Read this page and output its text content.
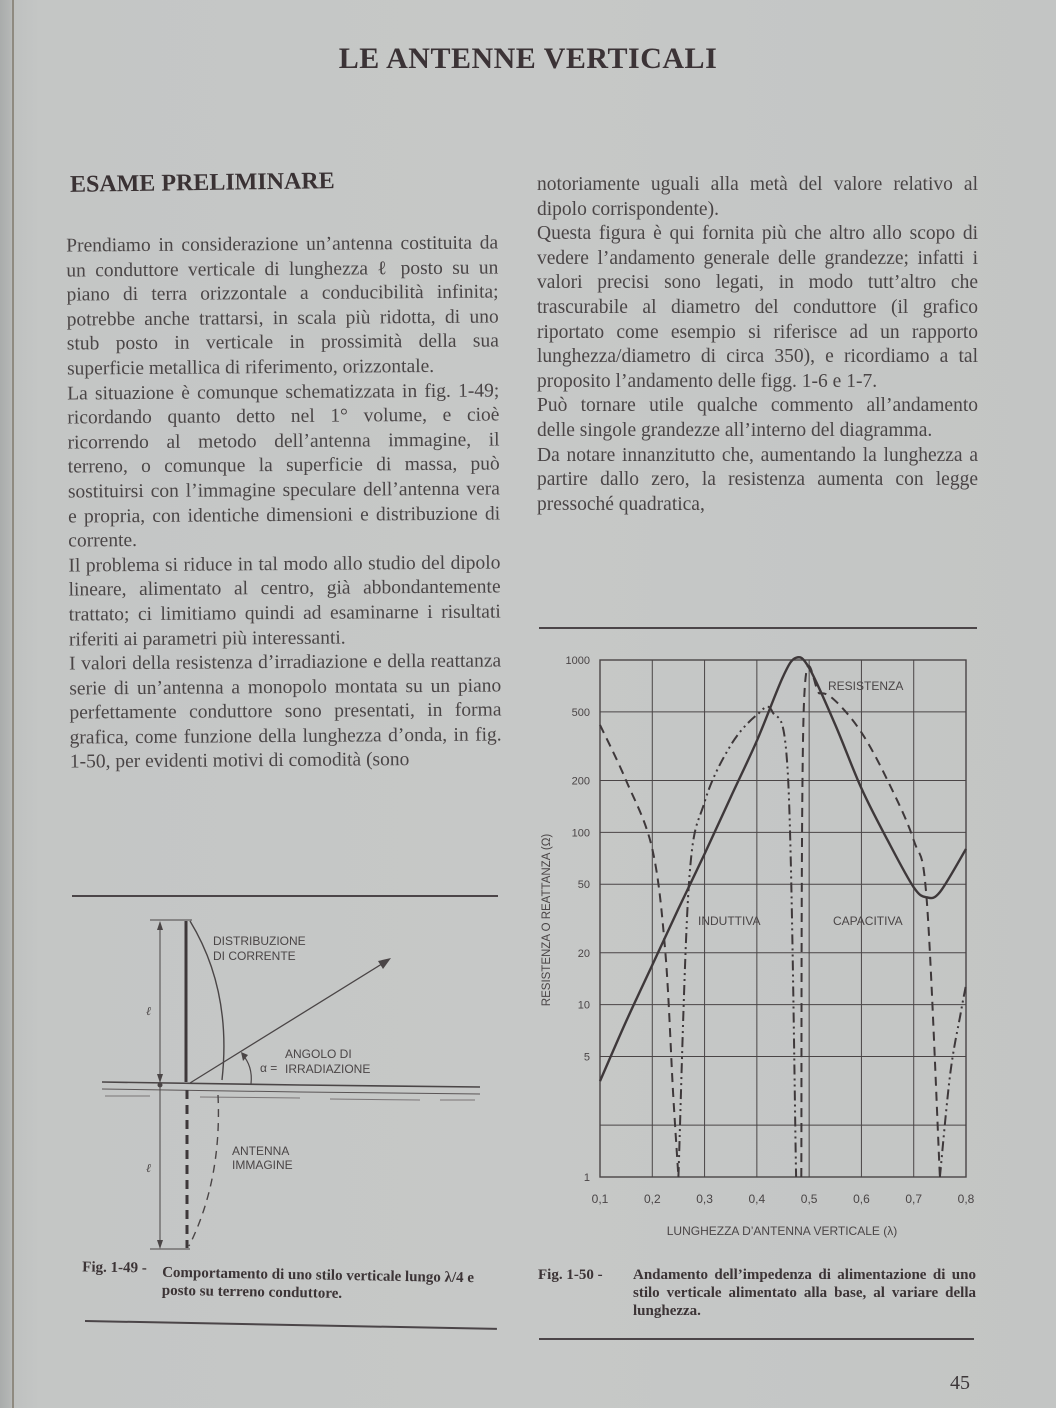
LE ANTENNE VERTICALI
ESAME PRELIMINARE

Prendiamo in considerazione un’antenna costituita da un conduttore verticale di lunghezza ℓ posto su un piano di terra orizzontale a conducibilità infinita; potrebbe anche trattarsi, in scala più ridotta, di uno stub posto in verticale in prossimità della sua superficie metallica di riferimento, orizzontale.

La situazione è comunque schematizzata in fig. 1-49; ricordando quanto detto nel 1° volume, e cioè ricorrendo al metodo dell’antenna immagine, il terreno, o comunque la superficie di massa, può sostituirsi con l’immagine speculare dell’antenna vera e propria, con identiche dimensioni e distribuzione di corrente.

Il problema si riduce in tal modo allo studio del dipolo lineare, alimentato al centro, già abbondantemente trattato; ci limitiamo quindi ad esaminarne i risultati riferiti ai parametri più interessanti.

I valori della resistenza d’irradiazione e della reattanza serie di un’antenna a monopolo montata su un piano perfettamente conduttore sono presentati, in forma grafica, come funzione della lunghezza d’onda, in fig. 1-50, per evidenti motivi di comodità (sono

notoriamente uguali alla metà del valore relativo al dipolo corrispondente).

Questa figura è qui fornita più che altro allo scopo di vedere l’andamento generale delle grandezze; infatti i valori precisi sono legati, in modo tutt’altro che trascurabile al diametro del conduttore (il grafico riportato come esempio si riferisce ad un rapporto lunghezza/diametro di circa 350), e ricordiamo a tal proposito l’andamento delle figg. 1-6 e 1-7.

Può tornare utile qualche commento all’andamento delle singole grandezze all’interno del diagramma.

Da notare innanzitutto che, aumentando la lunghezza a partire dallo zero, la resistenza aumenta con legge pressoché quadratica,

DISTRIBUZIONE
DI CORRENTE
α =
ANGOLO DI
IRRADIAZIONE
ANTENNA
IMMAGINE
ℓ
ℓ
Fig. 1-49 - Comportamento di uno stilo verticale lungo λ/4 e posto su terreno conduttore.
0,1	0,2	0,3	0,4	0,5	0,6	0,7	0,8
1
5
10
20
50
100
200
500
1000
RESISTENZA
INDUTTIVA	CAPACITIVA
LUNGHEZZA D’ANTENNA VERTICALE (λ)
RESISTENZA O REATTANZA (Ω)
Fig. 1-50 - Andamento dell’impedenza di alimentazione di uno stilo verticale alimentato alla base, al variare della lunghezza.
45
